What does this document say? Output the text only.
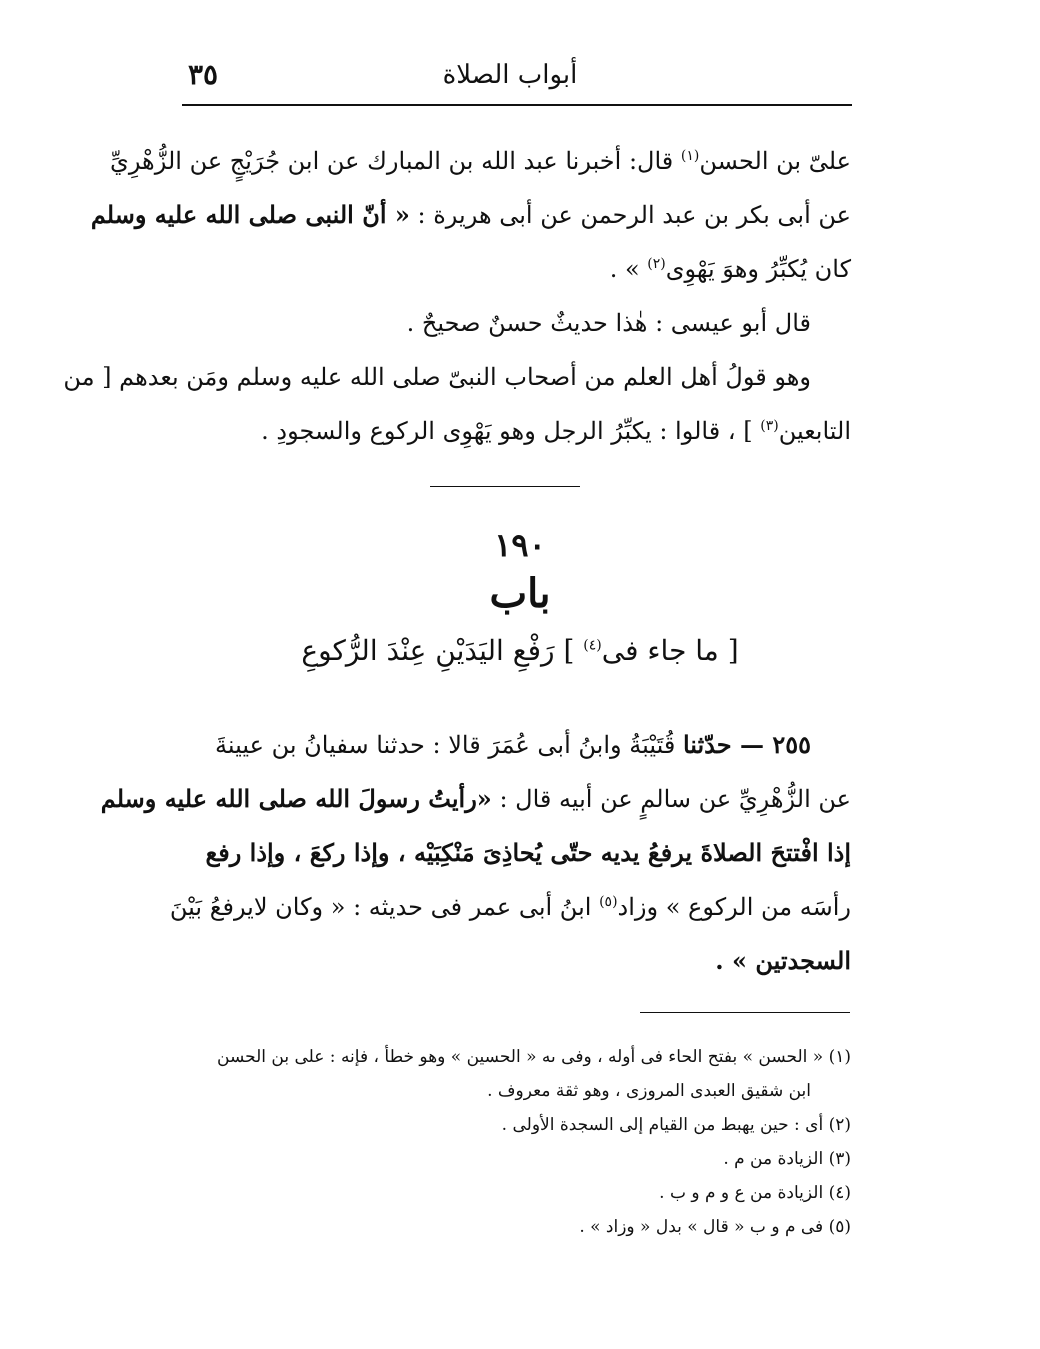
أبواب الصلاة
٣٥
علىّ بن الحسن$^{(١)}$ قال: أخبرنا عبد الله بن المبارك عن ابن جُرَيْجٍ عن الزُّهْرِيِّ
عن أبى بكر بن عبد الرحمن عن أبى هريرة : « أنّ النبى صلى الله عليه وسلم
كان يُكبِّرُ وهوَ يَهْوِى$^{(٢)}$ » .
قال أبو عيسى : هٰذا حديثٌ حسنٌ صحيحٌ .
وهو قولُ أهل العلم من أصحاب النبىّ صلى الله عليه وسلم ومَن بعدهم [ من
التابعين$^{(٣)}$ ] ، قالوا : يكبِّرُ الرجل وهو يَهْوِى الركوع والسجودِ .
١٩٠
باب
[ ما جاء فى$^{(٤)}$ ] رَفْعِ اليَدَيْنِ عِنْدَ الرُّكوعِ
٢٥٥ — حدّثنا قُتَيْبَةُ وابنُ أبى عُمَرَ قالا : حدثنا سفيانُ بن عيينةَ
عن الزُّهْرِيِّ عن سالمٍ عن أبيه قال : «رأيتُ رسولَ الله صلى الله عليه وسلم
إذا افْتتحَ الصلاةَ يرفعُ يديه حتّى يُحاذِىَ مَنْكِبَيْه ، وإذا ركعَ ، وإذا رفع
رأسَه من الركوع » وزاد$^{(٥)}$ ابنُ أبى عمر فى حديثه : « وكان لايرفعُ بَيْنَ
السجدتين » .
(١) « الحسن » بفتح الحاء فى أوله ، وفى ىه « الحسين » وهو خطأ ، فإنه : على بن الحسن
ابن شقيق العبدى المروزى ، وهو ثقة معروف .
(٢) أى : حين يهبط من القيام إلى السجدة الأولى .
(٣) الزيادة من م .
(٤) الزيادة من ع و م و ب .
(٥) فى م و ب « قال » بدل « وزاد » .
